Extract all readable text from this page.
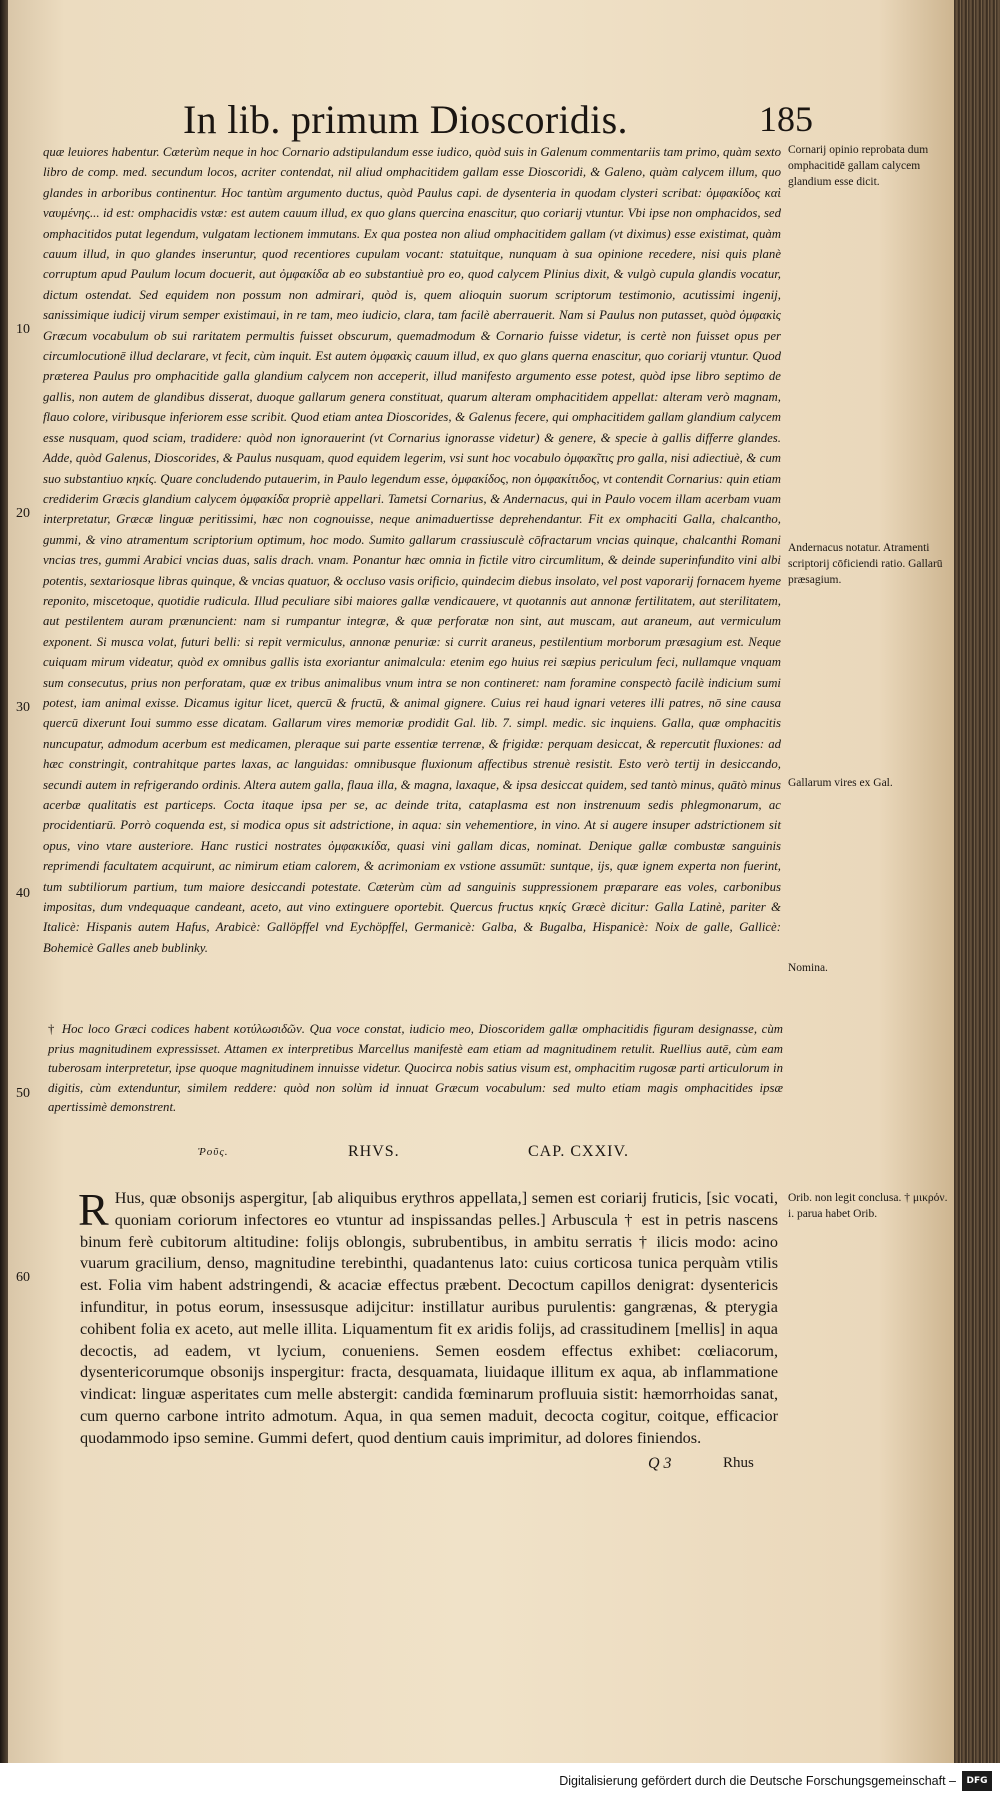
In lib. primum Dioscoridis.	185
10
20
30
40
50
60

quæ leuiores habentur. Cæterùm neque in hoc Cornario adstipulandum esse iudico, quòd suis in Galenum commentariis tam primo, quàm sexto libro de comp. med. secundum locos, acriter contendat, nil aliud omphacitidem gallam esse Dioscoridi, & Galeno, quàm calycem illum, quo glandes in arboribus continentur. Hoc tantùm argumento ductus, quòd Paulus capi. de dysenteria in quodam clysteri scribat: ὀμφακίδος καὶ ναυμένης... id est: omphacidis vstæ: est autem cauum illud, ex quo glans quercina enascitur, quo coriarij vtuntur. Vbi ipse non omphacidos, sed omphacitidos putat legendum, vulgatam lectionem immutans. Ex qua postea non aliud omphacitidem gallam (vt diximus) esse existimat, quàm cauum illud, in quo glandes inseruntur, quod recentiores cupulam vocant: statuitque, nunquam à sua opinione recedere, nisi quis planè corruptum apud Paulum locum docuerit, aut ὀμφακίδα ab eo substantiuè pro eo, quod calycem Plinius dixit, & vulgò cupula glandis vocatur, dictum ostendat. Sed equidem non possum non admirari, quòd is, quem alioquin suorum scriptorum testimonio, acutissimi ingenij, sanissimique iudicij virum semper existimaui, in re tam, meo iudicio, clara, tam facilè aberrauerit. Nam si Paulus non putasset, quòd ὀμφακὶς Græcum vocabulum ob sui raritatem permultis fuisset obscurum, quemadmodum & Cornario fuisse videtur, is certè non fuisset opus per circumlocutionē illud declarare, vt fecit, cùm inquit. Est autem ὀμφακὶς cauum illud, ex quo glans querna enascitur, quo coriarij vtuntur. Quod præterea Paulus pro omphacitide galla glandium calycem non acceperit, illud manifesto argumento esse potest, quòd ipse libro septimo de gallis, non autem de glandibus disserat, duoque gallarum genera constituat, quarum alteram omphacitidem appellat: alteram verò magnam, flauo colore, viribusque inferiorem esse scribit. Quod etiam antea Dioscorides, & Galenus fecere, qui omphacitidem gallam glandium calycem esse nusquam, quod sciam, tradidere: quòd non ignorauerint (vt Cornarius ignorasse videtur) & genere, & specie à gallis differre glandes. Adde, quòd Galenus, Dioscorides, & Paulus nusquam, quod equidem legerim, vsi sunt hoc vocabulo ὀμφακῖτις pro galla, nisi adiectiuè, & cum suo substantiuo κηκίς. Quare concludendo putauerim, in Paulo legendum esse, ὀμφακίδος, non ὀμφακίτιδος, vt contendit Cornarius: quin etiam crediderim Græcis glandium calycem ὀμφακίδα propriè appellari. Tametsi Cornarius, & Andernacus, qui in Paulo vocem illam acerbam vuam interpretatur, Græcæ linguæ peritissimi, hæc non cognouisse, neque animaduertisse deprehendantur. Fit ex omphaciti Galla, chalcantho, gummi, & vino atramentum scriptorium optimum, hoc modo. Sumito gallarum crassiusculè cōfractarum vncias quinque, chalcanthi Romani vncias tres, gummi Arabici vncias duas, salis drach. vnam. Ponantur hæc omnia in fictile vitro circumlitum, & deinde superinfundito vini albi potentis, sextariosque libras quinque, & vncias quatuor, & occluso vasis orificio, quindecim diebus insolato, vel post vaporarij fornacem hyeme reponito, miscetoque, quotidie rudicula. Illud peculiare sibi maiores gallæ vendicauere, vt quotannis aut annonæ fertilitatem, aut sterilitatem, aut pestilentem auram prænuncient: nam si rumpantur integræ, & quæ perforatæ non sint, aut muscam, aut araneum, aut vermiculum exponent. Si musca volat, futuri belli: si repit vermiculus, annonæ penuriæ: si currit araneus, pestilentium morborum præsagium est. Neque cuiquam mirum videatur, quòd ex omnibus gallis ista exoriantur animalcula: etenim ego huius rei sæpius periculum feci, nullamque vnquam sum consecutus, prius non perforatam, quæ ex tribus animalibus vnum intra se non contineret: nam foramine conspectò facilè indicium sumi potest, iam animal exisse. Dicamus igitur licet, quercū & fructū, & animal gignere. Cuius rei haud ignari veteres illi patres, nō sine causa quercū dixerunt Ioui summo esse dicatam. Gallarum vires memoriæ prodidit Gal. lib. 7. simpl. medic. sic inquiens. Galla, quæ omphacitis nuncupatur, admodum acerbum est medicamen, pleraque sui parte essentiæ terrenæ, & frigidæ: perquam desiccat, & repercutit fluxiones: ad hæc constringit, contrahitque partes laxas, ac languidas: omnibusque fluxionum affectibus strenuè resistit. Esto verò tertij in desiccando, secundi autem in refrigerando ordinis. Altera autem galla, flaua illa, & magna, laxaque, & ipsa desiccat quidem, sed tantò minus, quātò minus acerbæ qualitatis est particeps. Cocta itaque ipsa per se, ac deinde trita, cataplasma est non instrenuum sedis phlegmonarum, ac procidentiarū. Porrò coquenda est, si modica opus sit adstrictione, in aqua: sin vehementiore, in vino. At si augere insuper adstrictionem sit opus, vino vtare austeriore. Hanc rustici nostrates ὀμφακικίδα, quasi vini gallam dicas, nominat. Denique gallæ combustæ sanguinis reprimendi facultatem acquirunt, ac nimirum etiam calorem, & acrimoniam ex vstione assumūt: suntque, ijs, quæ ignem experta non fuerint, tum subtiliorum partium, tum maiore desiccandi potestate. Cæterùm cùm ad sanguinis suppressionem præparare eas voles, carbonibus impositas, dum vndequaque candeant, aceto, aut vino extinguere oportebit. Quercus fructus κηκίς Græcè dicitur: Galla Latinè, pariter & Italicè: Hispanis autem Hafus, Arabicè: Gallöpffel vnd Eychöpffel, Germanicè: Galba, & Bugalba, Hispanicè: Noix de galle, Gallicè: Bohemicè Galles aneb bublinky.

† Hoc loco Græci codices habent κοτύλωσιδῶν. Qua voce constat, iudicio meo, Dioscoridem gallæ omphacitidis figuram designasse, cùm prius magnitudinem expressisset. Attamen ex interpretibus Marcellus manifestè eam etiam ad magnitudinem retulit. Ruellius autē, cùm eam tuberosam interpretetur, ipse quoque magnitudinem innuisse videtur. Quocirca nobis satius visum est, omphacitim rugosæ parti articulorum in digitis, cùm extenduntur, similem reddere: quòd non solùm id innuat Græcum vocabulum: sed multo etiam magis omphacitides ipsæ apertissimè demonstrent.
Cornarij opinio reprobata dum omphacitidē gallam calycem glandium esse dicit.
Andernacus notatur. Atramenti scriptorij cōficiendi ratio. Gallarū præsagium.
Gallarum vires ex Gal.
Nomina.
Orib. non legit conclusa. † μικρόν. i. parua habet Orib.
Ῥοῦς.	RHVS.	CAP. CXXIV.
R Hus, quæ obsonijs aspergitur, [ab aliquibus erythros appellata,] semen est coriarij fruticis, [sic vocati, quoniam coriorum infectores eo vtuntur ad inspissandas pelles.] Arbuscula † est in petris nascens binum ferè cubitorum altitudine: folijs oblongis, subrubentibus, in ambitu serratis † ilicis modo: acino vuarum gracilium, denso, magnitudine terebinthi, quadantenus lato: cuius corticosa tunica perquàm vtilis est. Folia vim habent adstringendi, & acaciæ effectus præbent. Decoctum capillos denigrat: dysentericis infunditur, in potus eorum, insessusque adijcitur: instillatur auribus purulentis: gangrænas, & pterygia cohibent folia ex aceto, aut melle illita. Liquamentum fit ex aridis folijs, ad crassitudinem [mellis] in aqua decoctis, ad eadem, vt lycium, conueniens. Semen eosdem effectus exhibet: cœliacorum, dysentericorumque obsonijs inspergitur: fracta, desquamata, liuidaque illitum ex aqua, ab inflammatione vindicat: linguæ asperitates cum melle abstergit: candida fœminarum profluuia sistit: hæmorrhoidas sanat, cum querno carbone intrito admotum. Aqua, in qua semen maduit, decocta cogitur, coitque, efficacior quodammodo ipso semine. Gummi defert, quod dentium cauis imprimitur, ad dolores finiendos.
Q 3	Rhus
Digitalisierung gefördert durch die Deutsche Forschungsgemeinschaft –	DFG
